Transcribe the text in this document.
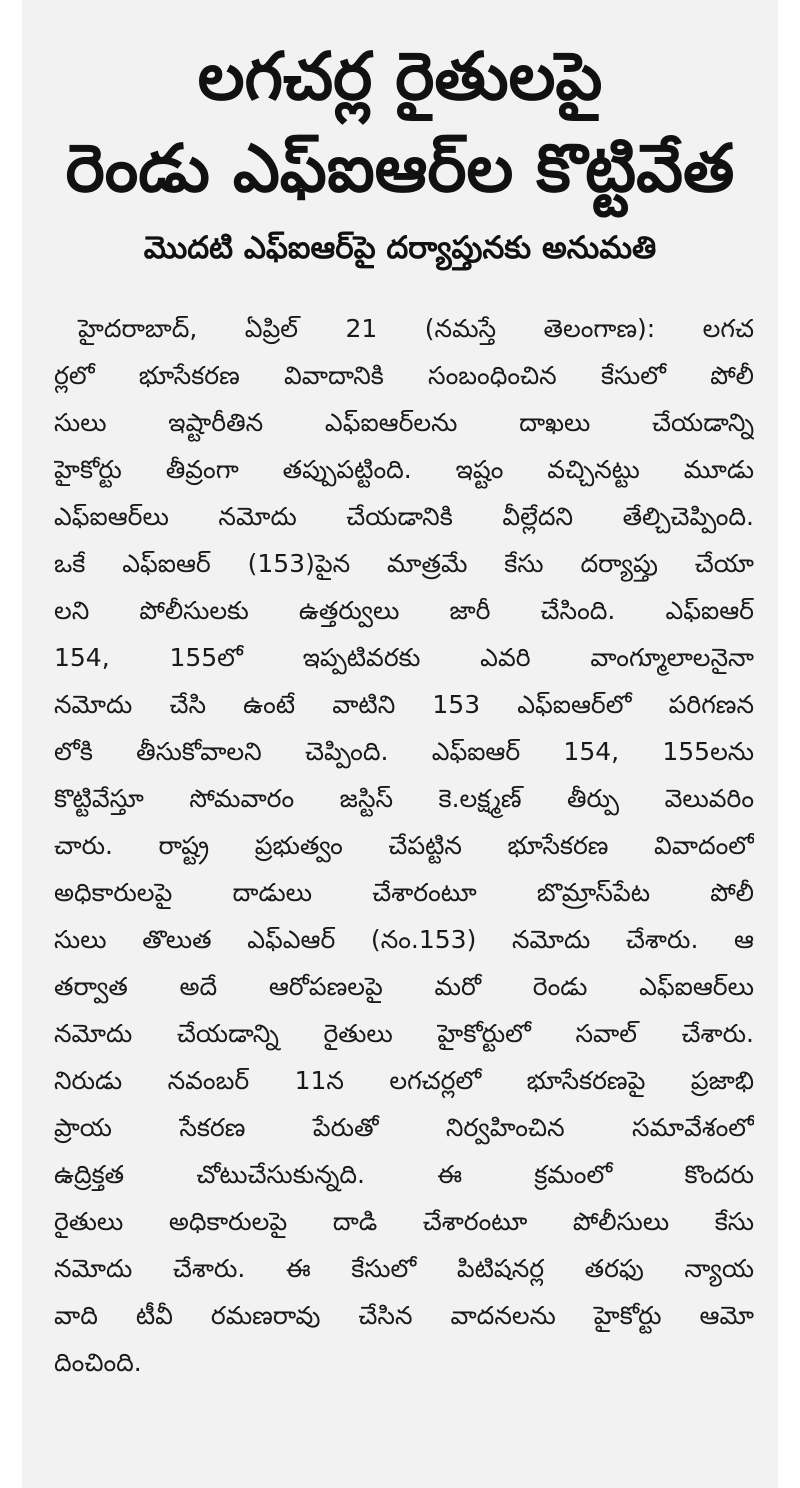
లగచర్ల రైతులపై
రెండు ఎఫ్ఐఆర్‌ల కొట్టివేత
మొదటి ఎఫ్ఐఆర్‌పై దర్యాప్తునకు అనుమతి
హైదరాబాద్, ఏప్రిల్ 21 (నమస్తే తెలంగాణ): లగచ
ర్లలో భూసేకరణ వివాదానికి సంబంధించిన కేసులో పోలీ
సులు ఇష్టారీతిన ఎఫ్ఐఆర్‌లను దాఖలు చేయడాన్ని
హైకోర్టు తీవ్రంగా తప్పుపట్టింది. ఇష్టం వచ్చినట్టు మూడు
ఎఫ్ఐఆర్‌లు నమోదు చేయడానికి వీల్లేదని తేల్చిచెప్పింది.
ఒకే ఎఫ్ఐఆర్ (153)పైన మాత్రమే కేసు దర్యాప్తు చేయా
లని పోలీసులకు ఉత్తర్వులు జారీ చేసింది. ఎఫ్ఐఆర్
154, 155లో ఇప్పటివరకు ఎవరి వాంగ్మూలాలనైనా
నమోదు చేసి ఉంటే వాటిని 153 ఎఫ్ఐఆర్‌లో పరిగణన
లోకి తీసుకోవాలని చెప్పింది. ఎఫ్ఐఆర్ 154, 155లను
కొట్టివేస్తూ సోమవారం జస్టిస్ కె.లక్ష్మణ్ తీర్పు వెలువరిం
చారు. రాష్ట్ర ప్రభుత్వం చేపట్టిన భూసేకరణ వివాదంలో
అధికారులపై దాడులు చేశారంటూ బొమ్రాస్‌పేట పోలీ
సులు తొలుత ఎఫ్ఎఆర్ (నం.153) నమోదు చేశారు. ఆ
తర్వాత అదే ఆరోపణలపై మరో రెండు ఎఫ్ఐఆర్‌లు
నమోదు చేయడాన్ని రైతులు హైకోర్టులో సవాల్ చేశారు.
నిరుడు నవంబర్ 11న లగచర్లలో భూసేకరణపై ప్రజాభి
ప్రాయ సేకరణ పేరుతో నిర్వహించిన సమావేశంలో
ఉద్రిక్తత చోటుచేసుకున్నది. ఈ క్రమంలో కొందరు
రైతులు అధికారులపై దాడి చేశారంటూ పోలీసులు కేసు
నమోదు చేశారు. ఈ కేసులో పిటిషనర్ల తరఫు న్యాయ
వాది టీవీ రమణరావు చేసిన వాదనలను హైకోర్టు ఆమో
దించింది.
